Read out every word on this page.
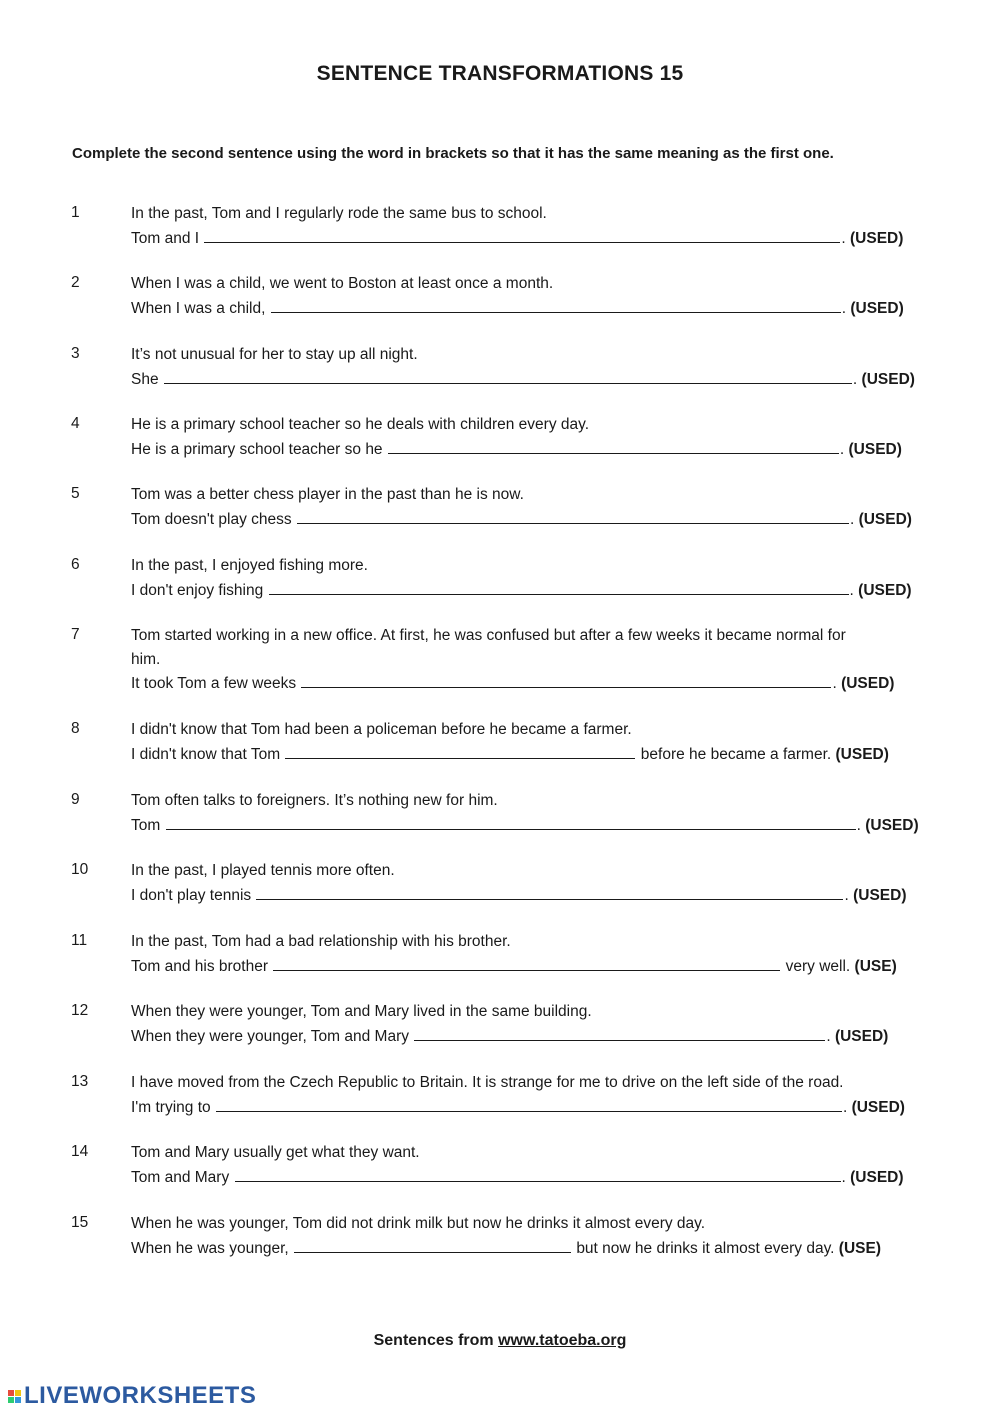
SENTENCE TRANSFORMATIONS 15
Complete the second sentence using the word in brackets so that it has the same meaning as the first one.
1	In the past, Tom and I regularly rode the same bus to school.
Tom and I	. (USED)
2	When I was a child, we went to Boston at least once a month.
When I was a child,	. (USED)
3	It’s not unusual for her to stay up all night.
She	. (USED)
4	He is a primary school teacher so he deals with children every day.
He is a primary school teacher so he	. (USED)
5	Tom was a better chess player in the past than he is now.
Tom doesn't play chess	. (USED)
6	In the past, I enjoyed fishing more.
I don't enjoy fishing	. (USED)
7	Tom started working in a new office. At first, he was confused but after a few weeks it became normal for
him.
It took Tom a few weeks	. (USED)
8	I didn't know that Tom had been a policeman before he became a farmer.
I didn't know that Tom	before he became a farmer. (USED)
9	Tom often talks to foreigners. It’s nothing new for him.
Tom	. (USED)
10	In the past, I played tennis more often.
I don't play tennis	. (USED)
11	In the past, Tom had a bad relationship with his brother.
Tom and his brother	very well. (USE)
12	When they were younger, Tom and Mary lived in the same building.
When they were younger, Tom and Mary	. (USED)
13	I have moved from the Czech Republic to Britain. It is strange for me to drive on the left side of the road.
I'm trying to	. (USED)
14	Tom and Mary usually get what they want.
Tom and Mary	. (USED)
15	When he was younger, Tom did not drink milk but now he drinks it almost every day.
When he was younger,	but now he drinks it almost every day. (USE)
Sentences from www.tatoeba.org
LIVEWORKSHEETS
